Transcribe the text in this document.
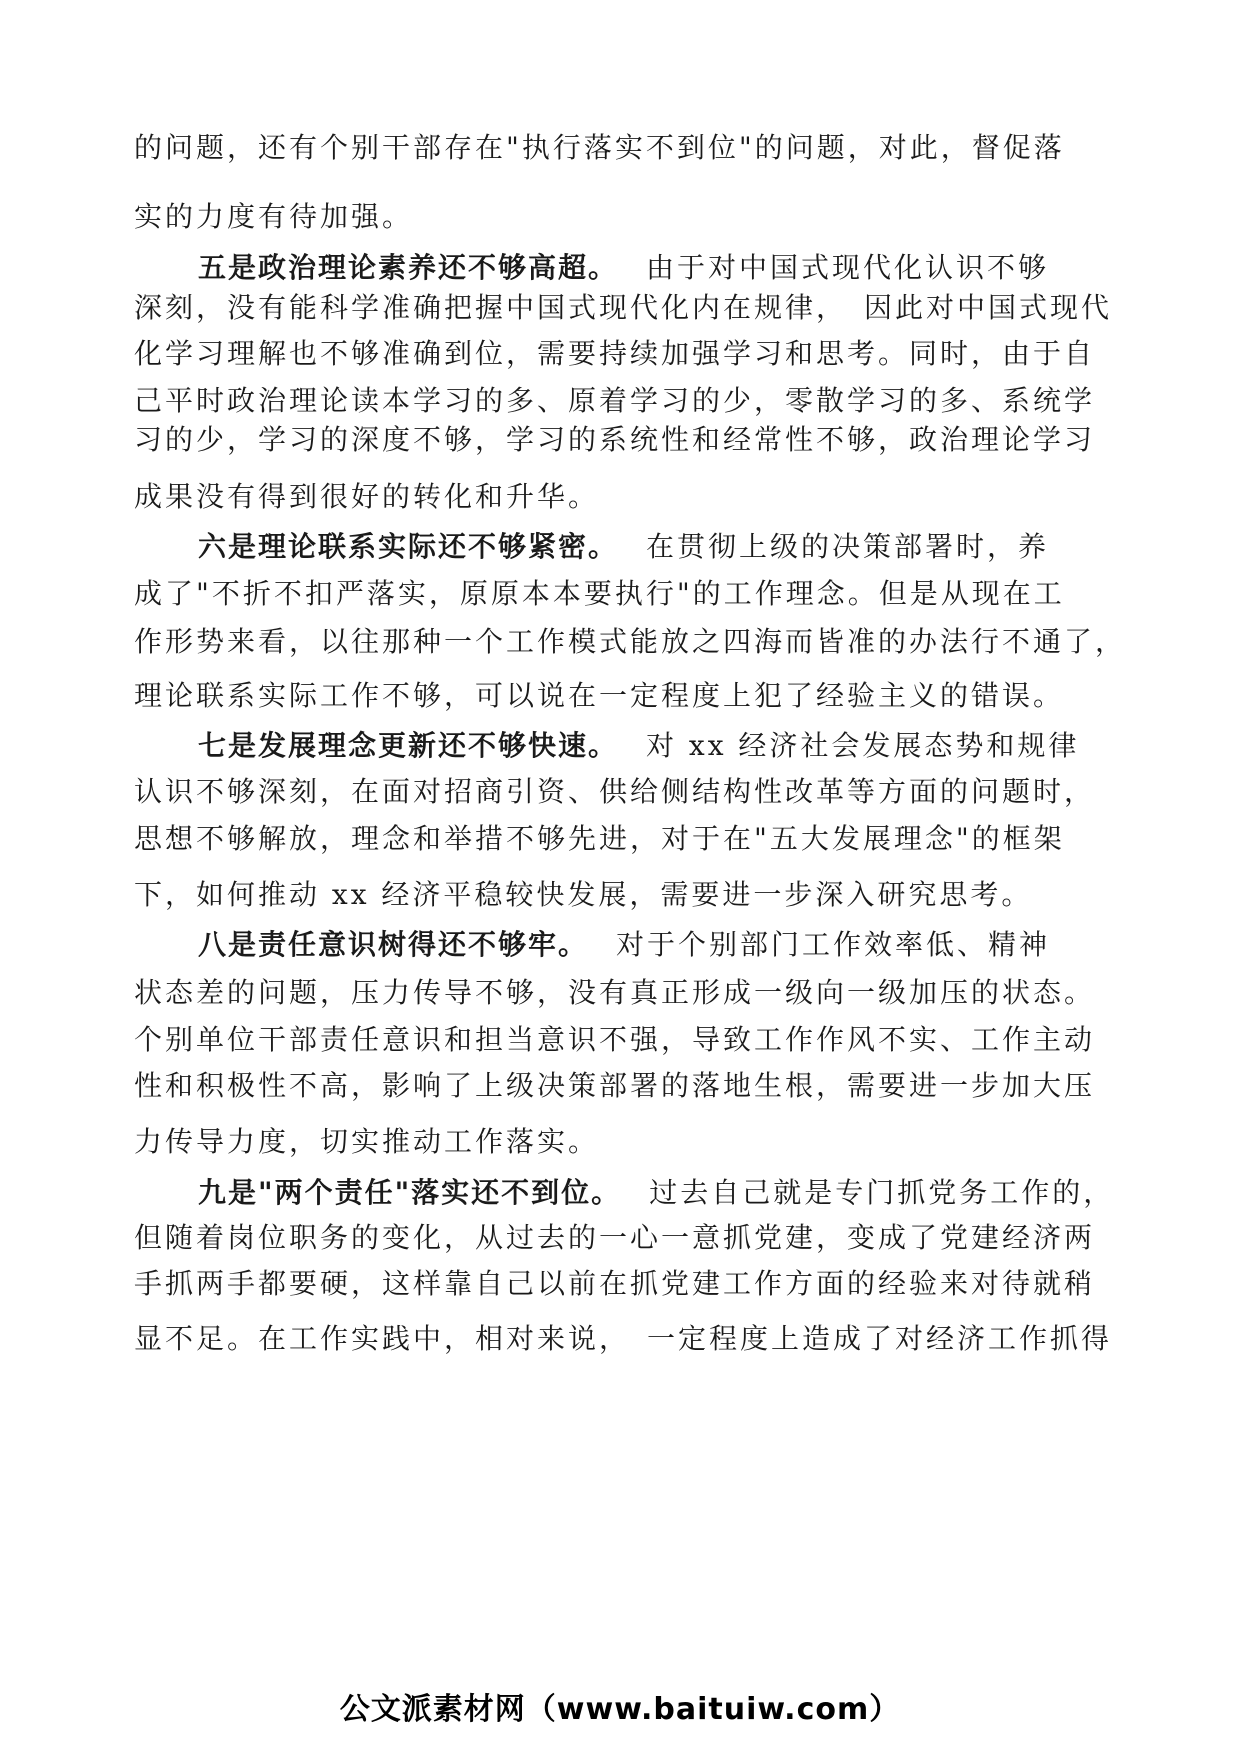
的问题，还有个别干部存在"执行落实不到位"的问题，对此，督促落
实的力度有待加强。
五是政治理论素养还不够高超。 由于对中国式现代化认识不够
深刻，没有能科学准确把握中国式现代化内在规律，　因此对中国式现代
化学习理解也不够准确到位，需要持续加强学习和思考。同时，由于自
己平时政治理论读本学习的多、原着学习的少，零散学习的多、系统学
习的少，学习的深度不够，学习的系统性和经常性不够，政治理论学习
成果没有得到很好的转化和升华。
六是理论联系实际还不够紧密。 在贯彻上级的决策部署时，养
成了"不折不扣严落实，原原本本要执行"的工作理念。但是从现在工
作形势来看，以往那种一个工作模式能放之四海而皆准的办法行不通了，
理论联系实际工作不够，可以说在一定程度上犯了经验主义的错误。
七是发展理念更新还不够快速。 对 xx 经济社会发展态势和规律
认识不够深刻，在面对招商引资、供给侧结构性改革等方面的问题时，
思想不够解放，理念和举措不够先进，对于在"五大发展理念"的框架
下，如何推动 xx 经济平稳较快发展，需要进一步深入研究思考。
八是责任意识树得还不够牢。 对于个别部门工作效率低、精神
状态差的问题，压力传导不够，没有真正形成一级向一级加压的状态。
个别单位干部责任意识和担当意识不强，导致工作作风不实、工作主动
性和积极性不高，影响了上级决策部署的落地生根，需要进一步加大压
力传导力度，切实推动工作落实。
九是"两个责任"落实还不到位。 过去自己就是专门抓党务工作的，
但随着岗位职务的变化，从过去的一心一意抓党建，变成了党建经济两
手抓两手都要硬，这样靠自己以前在抓党建工作方面的经验来对待就稍
显不足。在工作实践中，相对来说，　一定程度上造成了对经济工作抓得
公文派素材网（www.baituiw.com）
